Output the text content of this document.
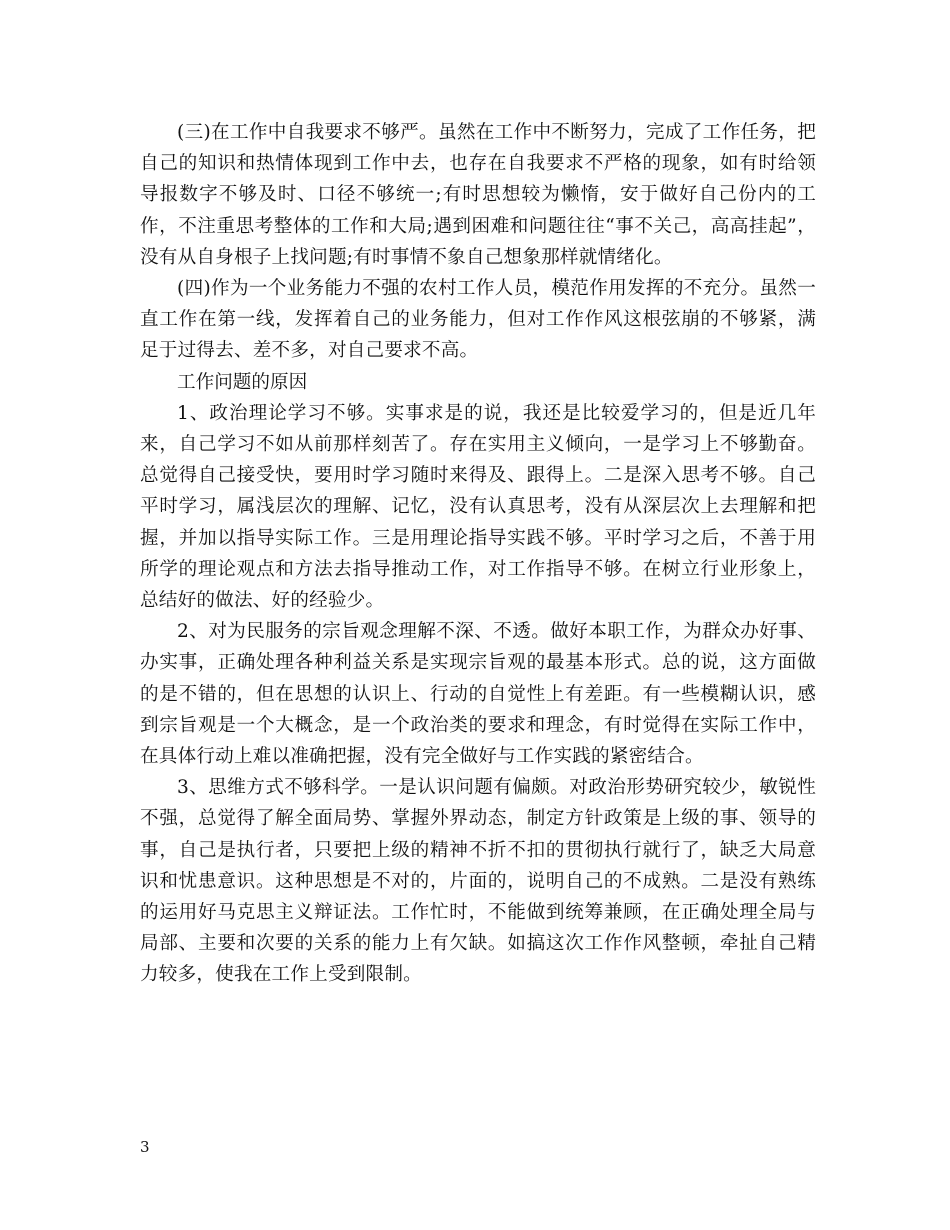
(三)在工作中自我要求不够严。虽然在工作中不断努力，完成了工作任务，把自己的知识和热情体现到工作中去，也存在自我要求不严格的现象，如有时给领导报数字不够及时、口径不够统一;有时思想较为懒惰，安于做好自己份内的工作，不注重思考整体的工作和大局;遇到困难和问题往往“事不关己，高高挂起”，没有从自身根子上找问题;有时事情不象自己想象那样就情绪化。

(四)作为一个业务能力不强的农村工作人员，模范作用发挥的不充分。虽然一直工作在第一线，发挥着自己的业务能力，但对工作作风这根弦崩的不够紧，满足于过得去、差不多，对自己要求不高。

工作问题的原因

1、政治理论学习不够。实事求是的说，我还是比较爱学习的，但是近几年来，自己学习不如从前那样刻苦了。存在实用主义倾向，一是学习上不够勤奋。总觉得自己接受快，要用时学习随时来得及、跟得上。二是深入思考不够。自己平时学习，属浅层次的理解、记忆，没有认真思考，没有从深层次上去理解和把握，并加以指导实际工作。三是用理论指导实践不够。平时学习之后，不善于用所学的理论观点和方法去指导推动工作，对工作指导不够。在树立行业形象上，总结好的做法、好的经验少。

2、对为民服务的宗旨观念理解不深、不透。做好本职工作，为群众办好事、办实事，正确处理各种利益关系是实现宗旨观的最基本形式。总的说，这方面做的是不错的，但在思想的认识上、行动的自觉性上有差距。有一些模糊认识，感到宗旨观是一个大概念，是一个政治类的要求和理念，有时觉得在实际工作中，在具体行动上难以准确把握，没有完全做好与工作实践的紧密结合。

3、思维方式不够科学。一是认识问题有偏颇。对政治形势研究较少，敏锐性不强，总觉得了解全面局势、掌握外界动态，制定方针政策是上级的事、领导的事，自己是执行者，只要把上级的精神不折不扣的贯彻执行就行了，缺乏大局意识和忧患意识。这种思想是不对的，片面的，说明自己的不成熟。二是没有熟练的运用好马克思主义辩证法。工作忙时，不能做到统筹兼顾，在正确处理全局与局部、主要和次要的关系的能力上有欠缺。如搞这次工作作风整顿，牵扯自己精力较多，使我在工作上受到限制。

3
